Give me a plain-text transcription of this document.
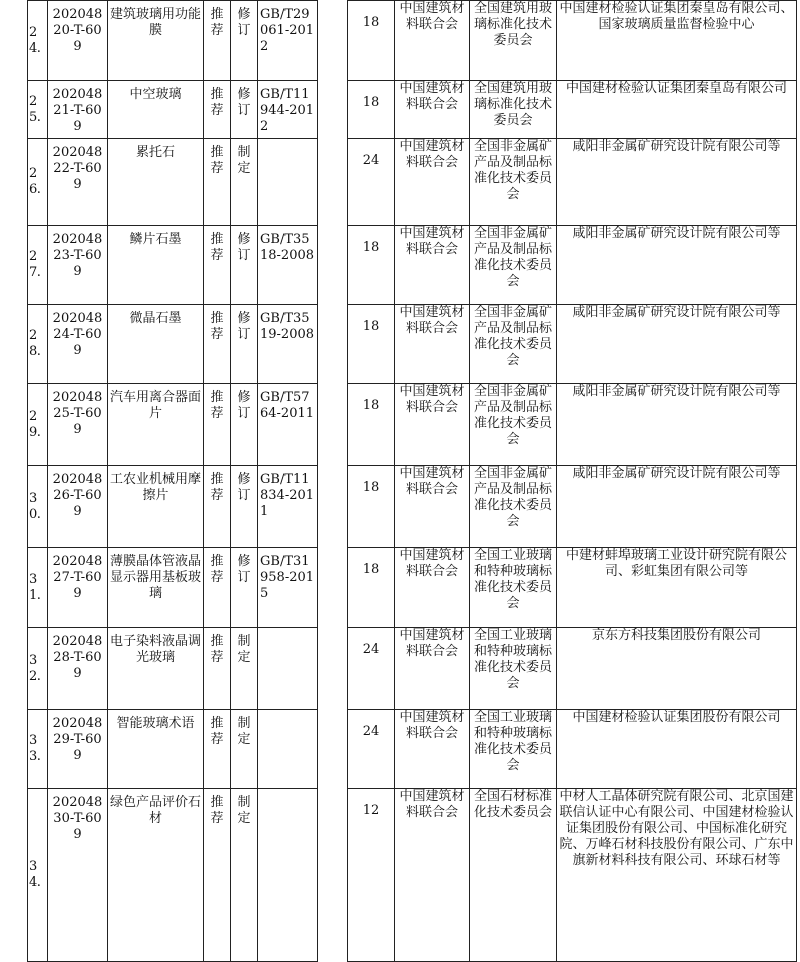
24.	20204820-T-609	建筑玻璃用功能膜	推荐	修订	GB/T29061-2012		18	中国建筑材料联合会	全国建筑用玻璃标准化技术委员会	中国建材检验认证集团秦皇岛有限公司、国家玻璃质量监督检验中心
25.	20204821-T-609	中空玻璃	推荐	修订	GB/T11944-2012		18	中国建筑材料联合会	全国建筑用玻璃标准化技术委员会	中国建材检验认证集团秦皇岛有限公司
26.	20204822-T-609	累托石	推荐	制定			24	中国建筑材料联合会	全国非金属矿产品及制品标准化技术委员会	咸阳非金属矿研究设计院有限公司等
27.	20204823-T-609	鳞片石墨	推荐	修订	GB/T3518-2008		18	中国建筑材料联合会	全国非金属矿产品及制品标准化技术委员会	咸阳非金属矿研究设计院有限公司等
28.	20204824-T-609	微晶石墨	推荐	修订	GB/T3519-2008		18	中国建筑材料联合会	全国非金属矿产品及制品标准化技术委员会	咸阳非金属矿研究设计院有限公司等
29.	20204825-T-609	汽车用离合器面片	推荐	修订	GB/T5764-2011		18	中国建筑材料联合会	全国非金属矿产品及制品标准化技术委员会	咸阳非金属矿研究设计院有限公司等
30.	20204826-T-609	工农业机械用摩擦片	推荐	修订	GB/T11834-2011		18	中国建筑材料联合会	全国非金属矿产品及制品标准化技术委员会	咸阳非金属矿研究设计院有限公司等
31.	20204827-T-609	薄膜晶体管液晶显示器用基板玻璃	推荐	修订	GB/T31958-2015		18	中国建筑材料联合会	全国工业玻璃和特种玻璃标准化技术委员会	中建材蚌埠玻璃工业设计研究院有限公司、彩虹集团有限公司等
32.	20204828-T-609	电子染料液晶调光玻璃	推荐	制定			24	中国建筑材料联合会	全国工业玻璃和特种玻璃标准化技术委员会	京东方科技集团股份有限公司
33.	20204829-T-609	智能玻璃术语	推荐	制定			24	中国建筑材料联合会	全国工业玻璃和特种玻璃标准化技术委员会	中国建材检验认证集团股份有限公司
34.	20204830-T-609	绿色产品评价石材	推荐	制定			12	中国建筑材料联合会	全国石材标准化技术委员会	中材人工晶体研究院有限公司、北京国建联信认证中心有限公司、中国建材检验认证集团股份有限公司、中国标准化研究院、万峰石材科技股份有限公司、广东中旗新材料科技有限公司、环球石材等
